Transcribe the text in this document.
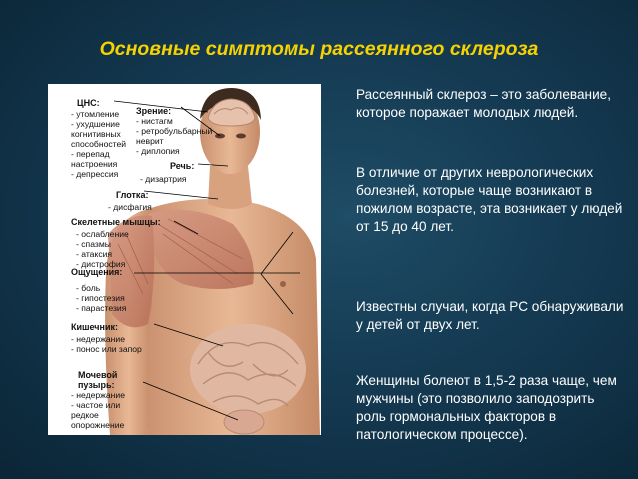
Основные симптомы рассеянного склероза
ЦНС:
- утомление
- ухудшение
когнитивных
способностей
- перепад
настроения
- депрессия
Зрение:
- нистагм
- ретробульбарный
неврит
- диплопия
Речь:
- дизартрия
Глотка:
- дисфагия
Скелетные мышцы:
- ослабление
- спазмы
- атаксия
- дистрофия
Ощущения:
- боль
- гипостезия
- парастезия
Кишечник:
- недержание
- понос или запор
Мочевой
пузырь:
- недержание
- частое или
редкое
опорожнение
Рассеянный склероз – это заболевание, которое поражает молодых людей.
В отличие от других неврологических болезней, которые чаще возникают в пожилом возрасте, эта возникает у людей от 15 до 40 лет.
Известны случаи, когда РС обнаруживали у детей от двух лет.
Женщины болеют в 1,5-2 раза чаще, чем мужчины (это позволило заподозрить роль гормональных факторов в патологическом процессе).
